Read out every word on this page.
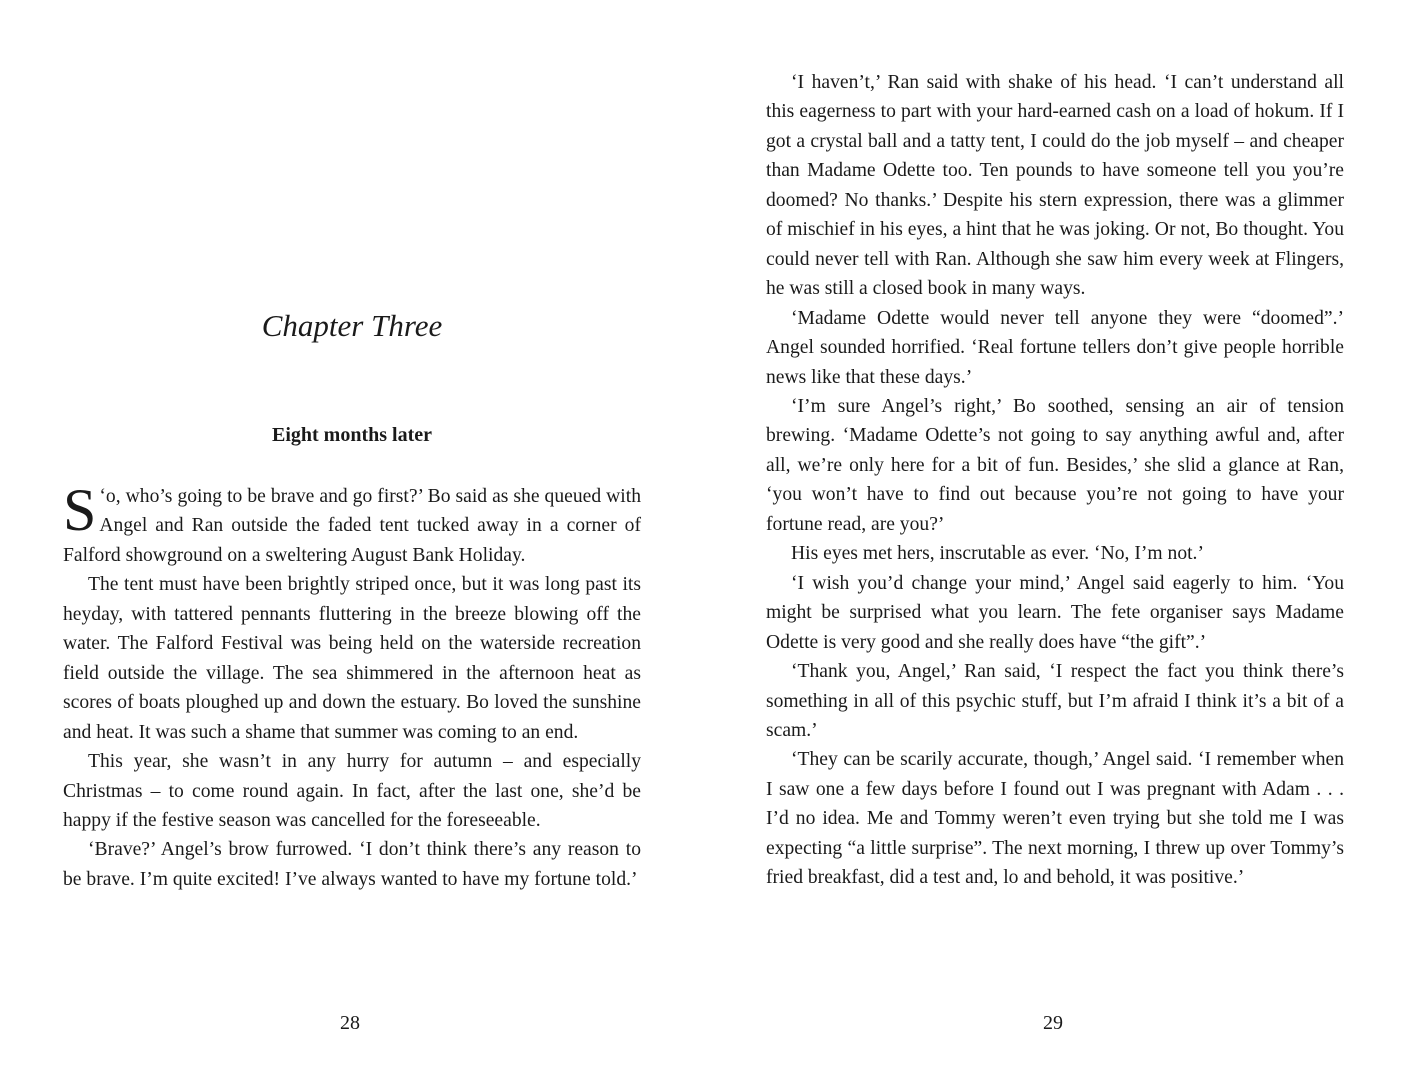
Chapter Three
Eight months later

‘
S o, who’s going to be brave and go first?’ Bo said as she queued with Angel and Ran outside the faded tent tucked away in a corner of Falford showground on a sweltering August Bank Holiday.

The tent must have been brightly striped once, but it was long past its heyday, with tattered pennants fluttering in the breeze blowing off the water. The Falford Festival was being held on the waterside recreation field outside the village. The sea shimmered in the afternoon heat as scores of boats ploughed up and down the estuary. Bo loved the sunshine and heat. It was such a shame that summer was coming to an end.

This year, she wasn’t in any hurry for autumn – and especially Christmas – to come round again. In fact, after the last one, she’d be happy if the festive season was cancelled for the foreseeable.

‘Brave?’ Angel’s brow furrowed. ‘I don’t think there’s any reason to be brave. I’m quite excited! I’ve always wanted to have my fortune told.’

28

‘I haven’t,’ Ran said with shake of his head. ‘I can’t understand all this eagerness to part with your hard-earned cash on a load of hokum. If I got a crystal ball and a tatty tent, I could do the job myself – and cheaper than Madame Odette too. Ten pounds to have someone tell you you’re doomed? No thanks.’ Despite his stern expression, there was a glimmer of mischief in his eyes, a hint that he was joking. Or not, Bo thought. You could never tell with Ran. Although she saw him every week at Flingers, he was still a closed book in many ways.

‘Madame Odette would never tell anyone they were “doomed”.’ Angel sounded horrified. ‘Real fortune tellers don’t give people horrible news like that these days.’

‘I’m sure Angel’s right,’ Bo soothed, sensing an air of tension brewing. ‘Madame Odette’s not going to say anything awful and, after all, we’re only here for a bit of fun. Besides,’ she slid a glance at Ran, ‘you won’t have to find out because you’re not going to have your fortune read, are you?’

His eyes met hers, inscrutable as ever. ‘No, I’m not.’

‘I wish you’d change your mind,’ Angel said eagerly to him. ‘You might be surprised what you learn. The fete organiser says Madame Odette is very good and she really does have “the gift”.’

‘Thank you, Angel,’ Ran said, ‘I respect the fact you think there’s something in all of this psychic stuff, but I’m afraid I think it’s a bit of a scam.’

‘They can be scarily accurate, though,’ Angel said. ‘I remember when I saw one a few days before I found out I was pregnant with Adam . . . I’d no idea. Me and Tommy weren’t even trying but she told me I was expecting “a little surprise”. The next morning, I threw up over Tommy’s fried breakfast, did a test and, lo and behold, it was positive.’

29
